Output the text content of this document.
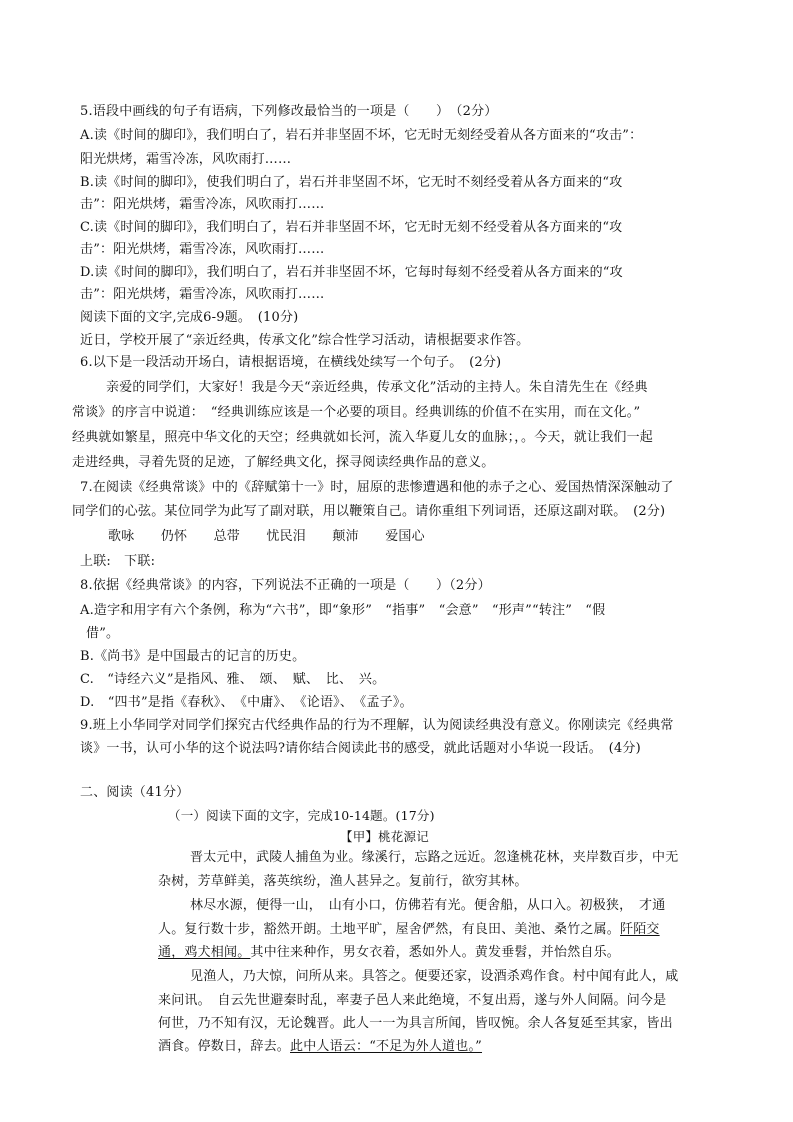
5.语段中画线的句子有语病，下列修改最恰当的一项是（　　）　（2分）
A.读《时间的脚印》，我们明白了，岩石并非坚固不坏，它无时无刻经受着从各方面来的“攻击”：
阳光烘烤，霜雪冷冻，风吹雨打……
B.读《时间的脚印》，使我们明白了，岩石并非坚固不坏，它无时不刻经受着从各方面来的“攻
击”：阳光烘烤，霜雪冷冻，风吹雨打……
C.读《时间的脚印》，我们明白了，岩石并非坚固不坏，它无时无刻不经受着从各方面来的“攻
击”：阳光烘烤，霜雪冷冻，风吹雨打……
D.读《时间的脚印》，我们明白了，岩石并非坚固不坏，它每时每刻不经受着从各方面来的“攻
击”：阳光烘烤，霜雪冷冻，风吹雨打……
阅读下面的文字,完成6-9题。　(10分)
近日，学校开展了“亲近经典，传承文化”综合性学习活动，请根据要求作答。
6.以下是一段活动开场白，请根据语境，在横线处续写一个句子。　(2分)
亲爱的同学们，大家好！我是今天“亲近经典，传承文化”活动的主持人。朱自清先生在《经典
常谈》的序言中说道：　“经典训练应该是一个必要的项目。经典训练的价值不在实用，而在文化。”
经典就如繁星，照亮中华文化的天空；经典就如长河，流入华夏儿女的血脉；，。今天，就让我们一起
走进经典，寻着先贤的足迹，了解经典文化，探寻阅读经典作品的意义。
7.在阅读《经典常谈》中的《辞赋第十一》时，屈原的悲惨遭遇和他的赤子之心、爱国热情深深触动了
同学们的心弦。某位同学为此写了副对联，用以鞭策自己。请你重组下列词语，还原这副对联。　(2分)
歌咏　　仍怀　　总带　　忧民泪　　颠沛　　爱国心
上联:　下联:
8.依据《经典常谈》的内容，下列说法不正确的一项是（　　）（2分）
A.造字和用字有六个条例，称为“六书”，即“象形”　“指事”　“会意”　“形声”“转注”　“假
借”。
B.《尚书》是中国最古的记言的历史。
C.　“诗经六义”是指风、雅、　颂、　赋、　比、　兴。
D.　“四书”是指《春秋》、　《中庸》、　《论语》、　《孟子》。
9.班上小华同学对同学们探究古代经典作品的行为不理解，认为阅读经典没有意义。你刚读完《经典常
谈》一书，认可小华的这个说法吗?请你结合阅读此书的感受，就此话题对小华说一段话。　(4分)
二、阅读（41分）
（一）阅读下面的文字，完成10-14题。(17分)
【甲】桃花源记
晋太元中，武陵人捕鱼为业。缘溪行，忘路之远近。忽逢桃花林，夹岸数百步，中无
杂树，芳草鲜美，落英缤纷，渔人甚异之。复前行，欲穷其林。
林尽水源，便得一山，　山有小口，仿佛若有光。便舍船，从口入。初极狭，　才通
人。复行数十步，豁然开朗。土地平旷，屋舍俨然，有良田、美池、桑竹之属。阡陌交
通，鸡犬相闻。其中往来种作，男女衣着，悉如外人。黄发垂髫，并怡然自乐。
见渔人，乃大惊，问所从来。具答之。便要还家，设酒杀鸡作食。村中闻有此人，咸
来问讯。　自云先世避秦时乱，率妻子邑人来此绝境，不复出焉，遂与外人间隔。问今是
何世，乃不知有汉，无论魏晋。此人一一为具言所闻，皆叹惋。余人各复延至其家，皆出
酒食。停数日，辞去。此中人语云：“不足为外人道也。”
